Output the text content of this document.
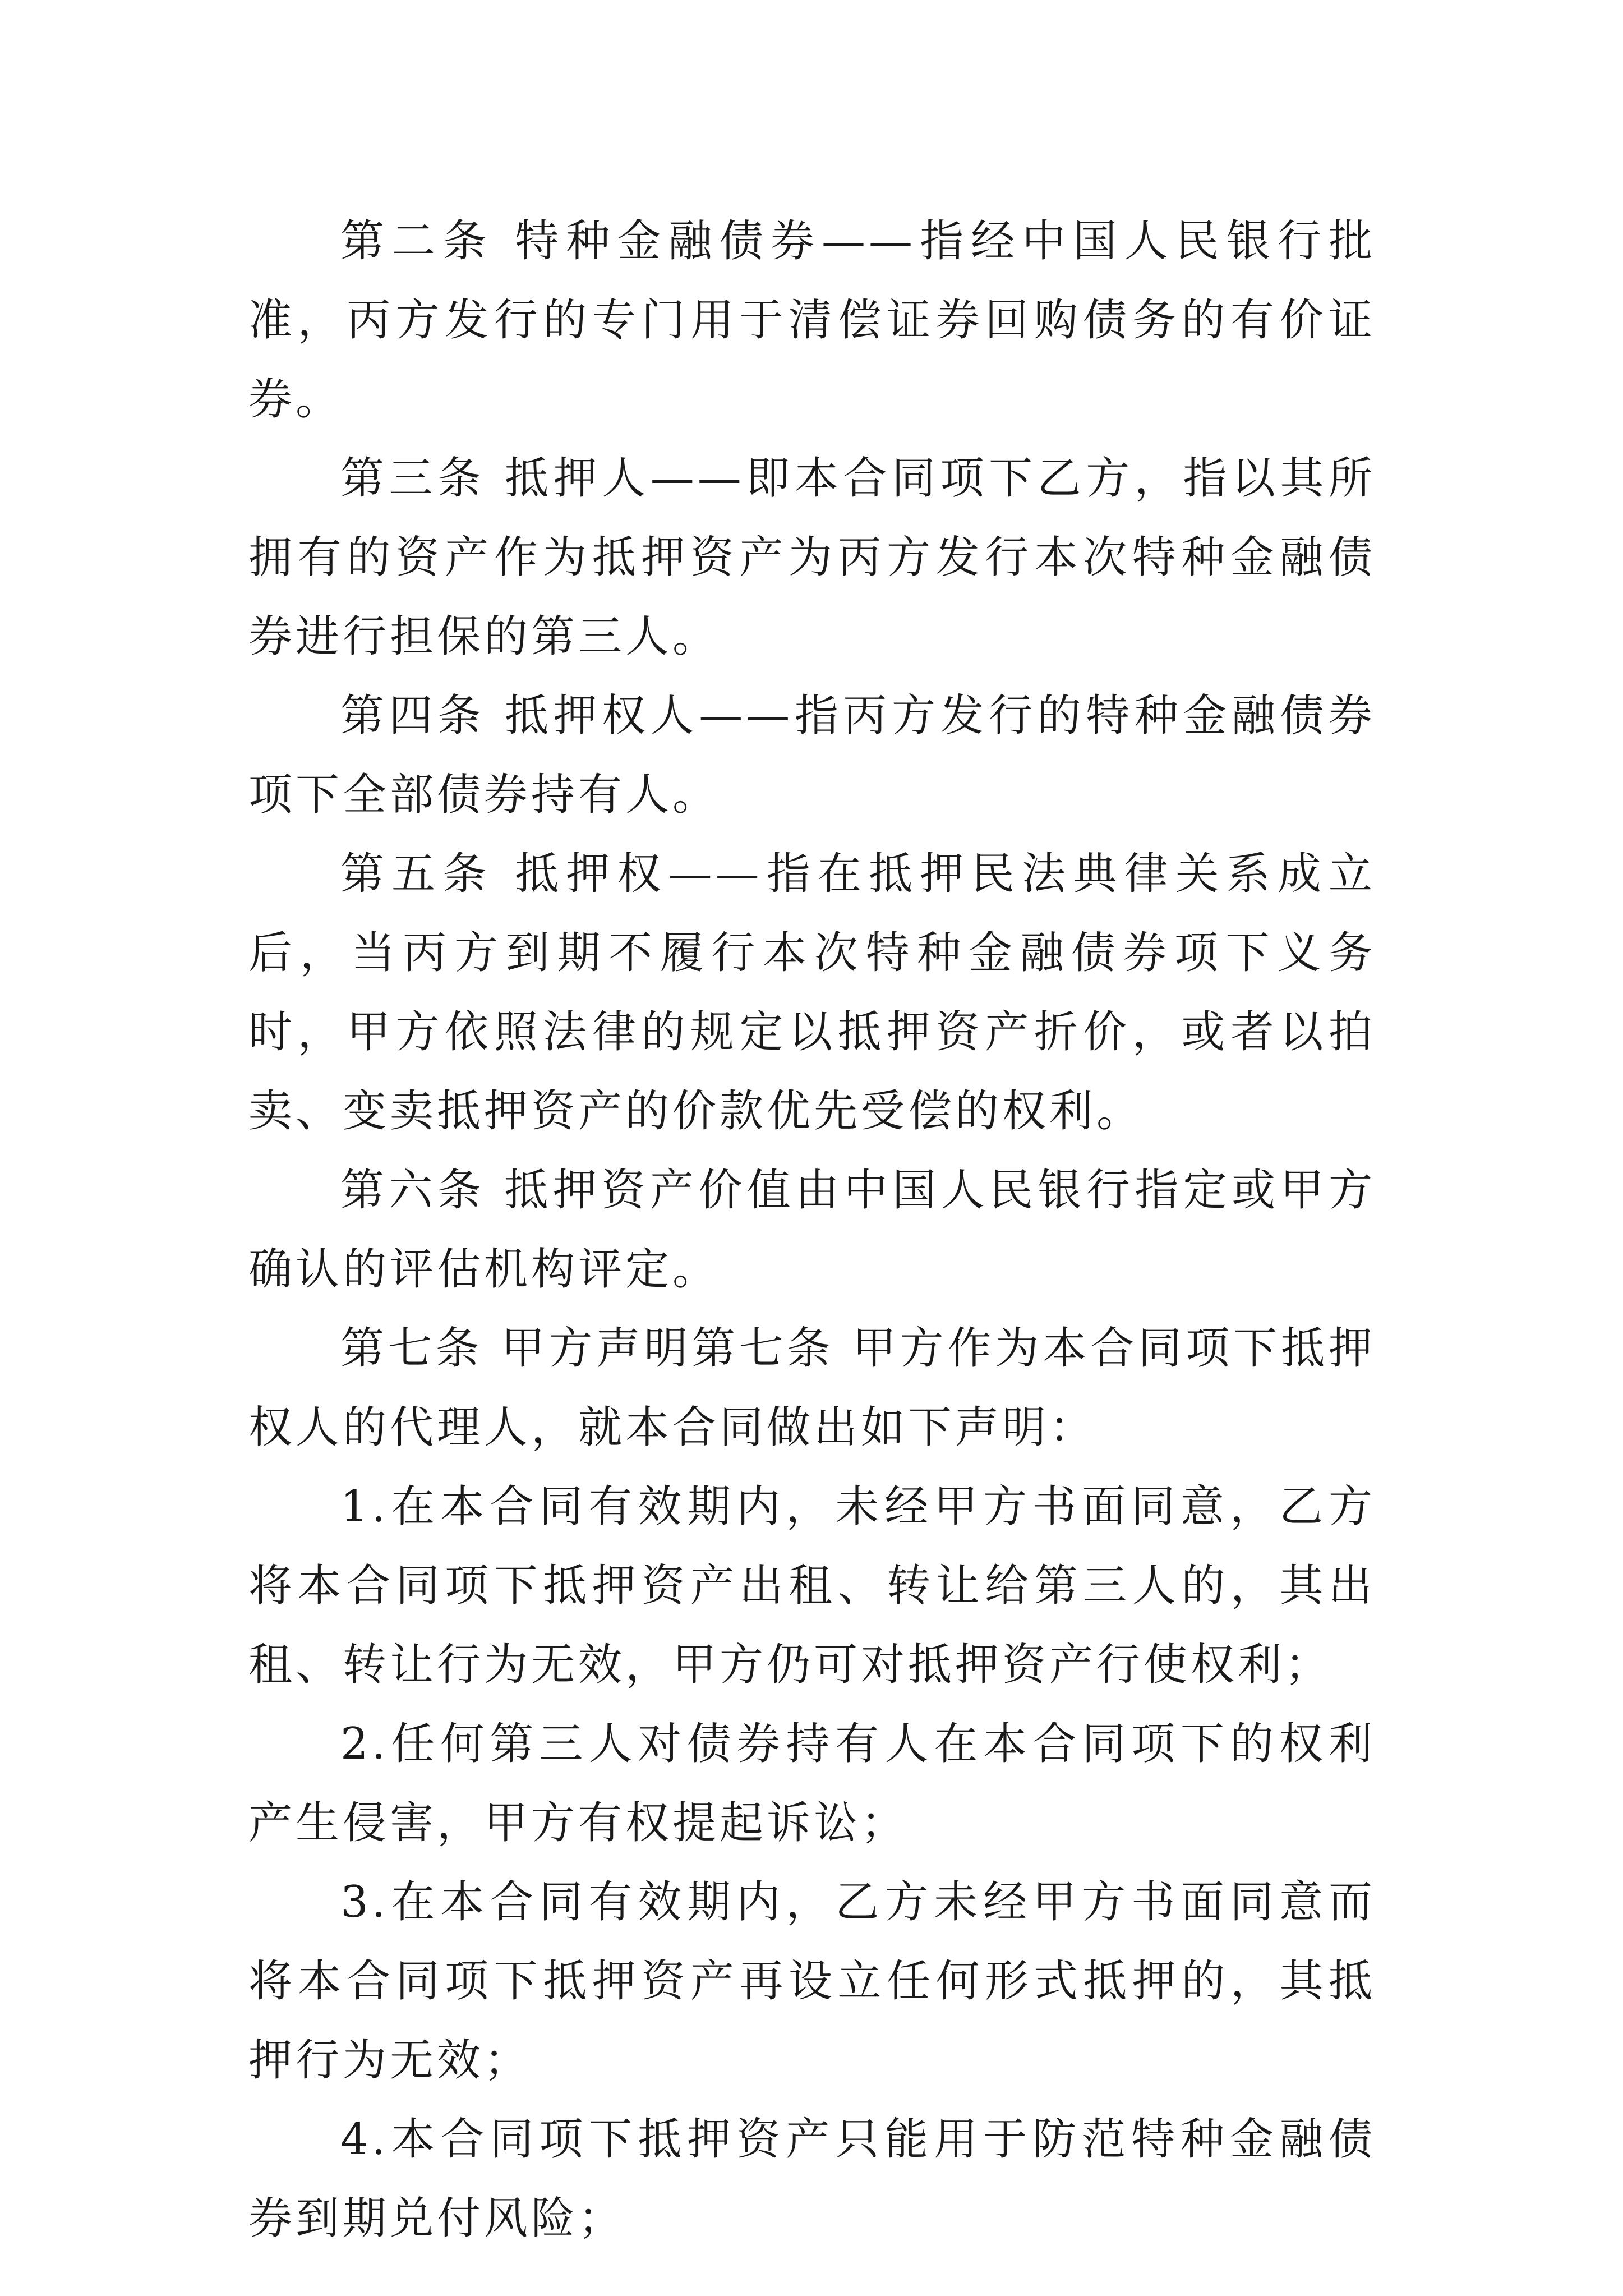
第二条 特种金融债券——指经中国人民银行批准，丙方发行的专门用于清偿证券回购债务的有价证券。

第三条 抵押人——即本合同项下乙方，指以其所拥有的资产作为抵押资产为丙方发行本次特种金融债券进行担保的第三人。

第四条 抵押权人——指丙方发行的特种金融债券项下全部债券持有人。

第五条 抵押权——指在抵押民法典律关系成立后，当丙方到期不履行本次特种金融债券项下义务时，甲方依照法律的规定以抵押资产折价，或者以拍卖、变卖抵押资产的价款优先受偿的权利。

第六条 抵押资产价值由中国人民银行指定或甲方确认的评估机构评定。

第七条 甲方声明第七条 甲方作为本合同项下抵押权人的代理人，就本合同做出如下声明：

1.在本合同有效期内，未经甲方书面同意，乙方将本合同项下抵押资产出租、转让给第三人的，其出租、转让行为无效，甲方仍可对抵押资产行使权利；

2.任何第三人对债券持有人在本合同项下的权利产生侵害，甲方有权提起诉讼；

3.在本合同有效期内，乙方未经甲方书面同意而将本合同项下抵押资产再设立任何形式抵押的，其抵押行为无效；

4.本合同项下抵押资产只能用于防范特种金融债券到期兑付风险；
